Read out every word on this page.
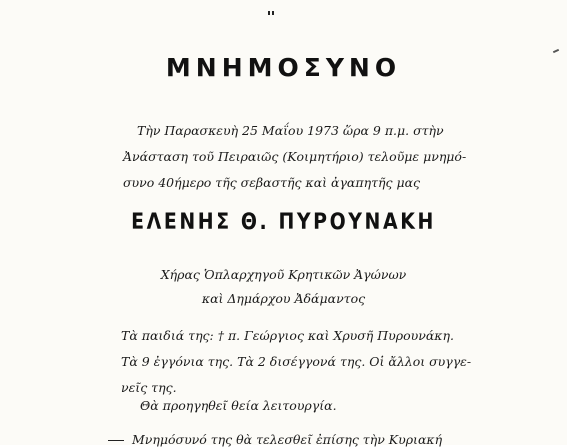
ΜΝΗΜΟΣΥΝΟ
Τὴν Παρασκευὴ 25 Μαΐου 1973 ὥρα 9 π.μ. στὴν
Ἀνάσταση τοῦ Πειραιῶς (Κοιμητήριο) τελοῦμε μνημό-
συνο 40ήμερο τῆς σεβαστῆς καὶ ἀγαπητῆς μας
ΕΛΕΝΗΣ Θ. ΠΥΡΟΥΝΑΚΗ
Χήρας Ὁπλαρχηγοῦ Κρητικῶν Ἀγώνων
καὶ Δημάρχου Ἀδάμαντος
Τὰ παιδιά της: † π. Γεώργιος καὶ Χρυσῆ Πυρουνάκη.
Τὰ 9 ἐγγόνια της. Τὰ 2 δισέγγονά της. Οἱ ἄλλοι συγγε-
νεῖς της.
Θὰ προηγηθεῖ θεία λειτουργία.
Μνημόσυνό της θὰ τελεσθεῖ ἐπίσης τὴν Κυριακή
